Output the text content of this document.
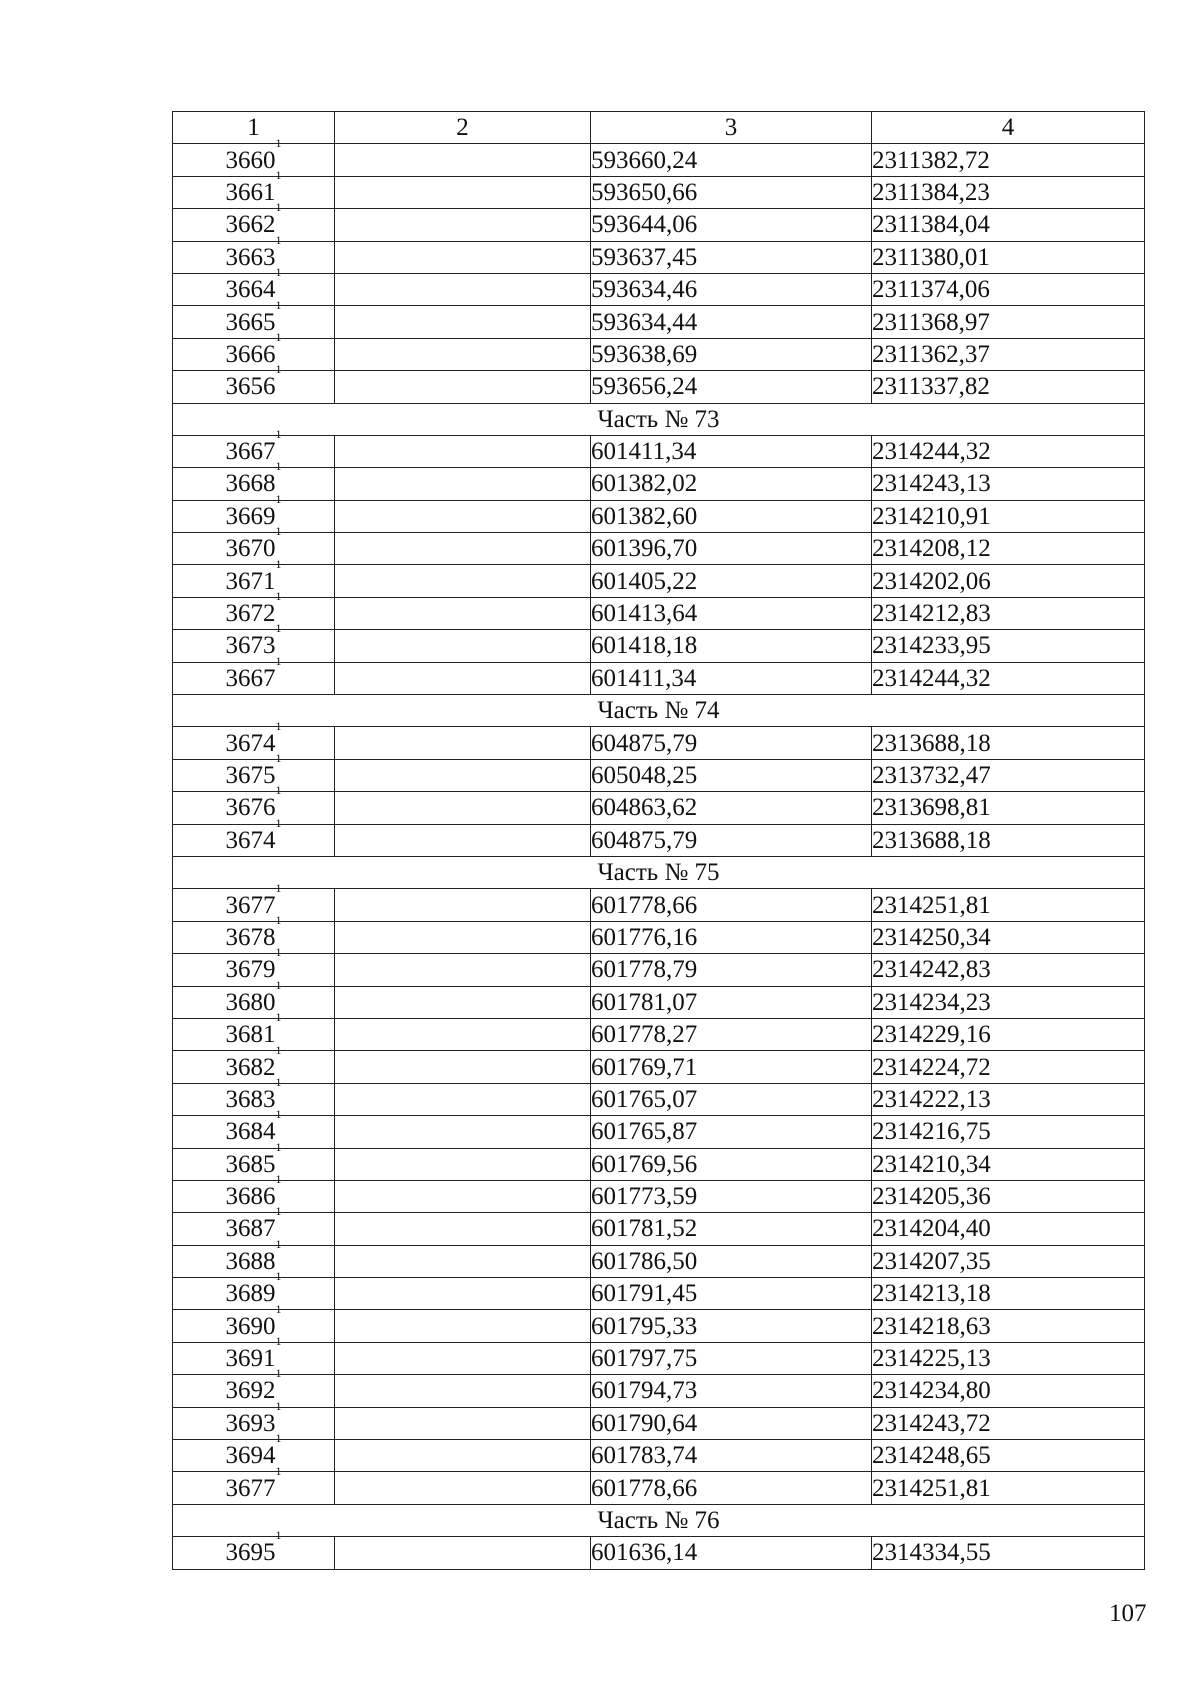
1	2	3	4
3660$^1$		593660,24	2311382,72
3661$^1$		593650,66	2311384,23
3662$^1$		593644,06	2311384,04
3663$^1$		593637,45	2311380,01
3664$^1$		593634,46	2311374,06
3665$^1$		593634,44	2311368,97
3666$^1$		593638,69	2311362,37
3656$^1$		593656,24	2311337,82
Часть № 73			
3667$^1$		601411,34	2314244,32
3668$^1$		601382,02	2314243,13
3669$^1$		601382,60	2314210,91
3670$^1$		601396,70	2314208,12
3671$^1$		601405,22	2314202,06
3672$^1$		601413,64	2314212,83
3673$^1$		601418,18	2314233,95
3667$^1$		601411,34	2314244,32
Часть № 74			
3674$^1$		604875,79	2313688,18
3675$^1$		605048,25	2313732,47
3676$^1$		604863,62	2313698,81
3674$^1$		604875,79	2313688,18
Часть № 75			
3677$^1$		601778,66	2314251,81
3678$^1$		601776,16	2314250,34
3679$^1$		601778,79	2314242,83
3680$^1$		601781,07	2314234,23
3681$^1$		601778,27	2314229,16
3682$^1$		601769,71	2314224,72
3683$^1$		601765,07	2314222,13
3684$^1$		601765,87	2314216,75
3685$^1$		601769,56	2314210,34
3686$^1$		601773,59	2314205,36
3687$^1$		601781,52	2314204,40
3688$^1$		601786,50	2314207,35
3689$^1$		601791,45	2314213,18
3690$^1$		601795,33	2314218,63
3691$^1$		601797,75	2314225,13
3692$^1$		601794,73	2314234,80
3693$^1$		601790,64	2314243,72
3694$^1$		601783,74	2314248,65
3677$^1$		601778,66	2314251,81
Часть № 76			
3695$^1$		601636,14	2314334,55
107
